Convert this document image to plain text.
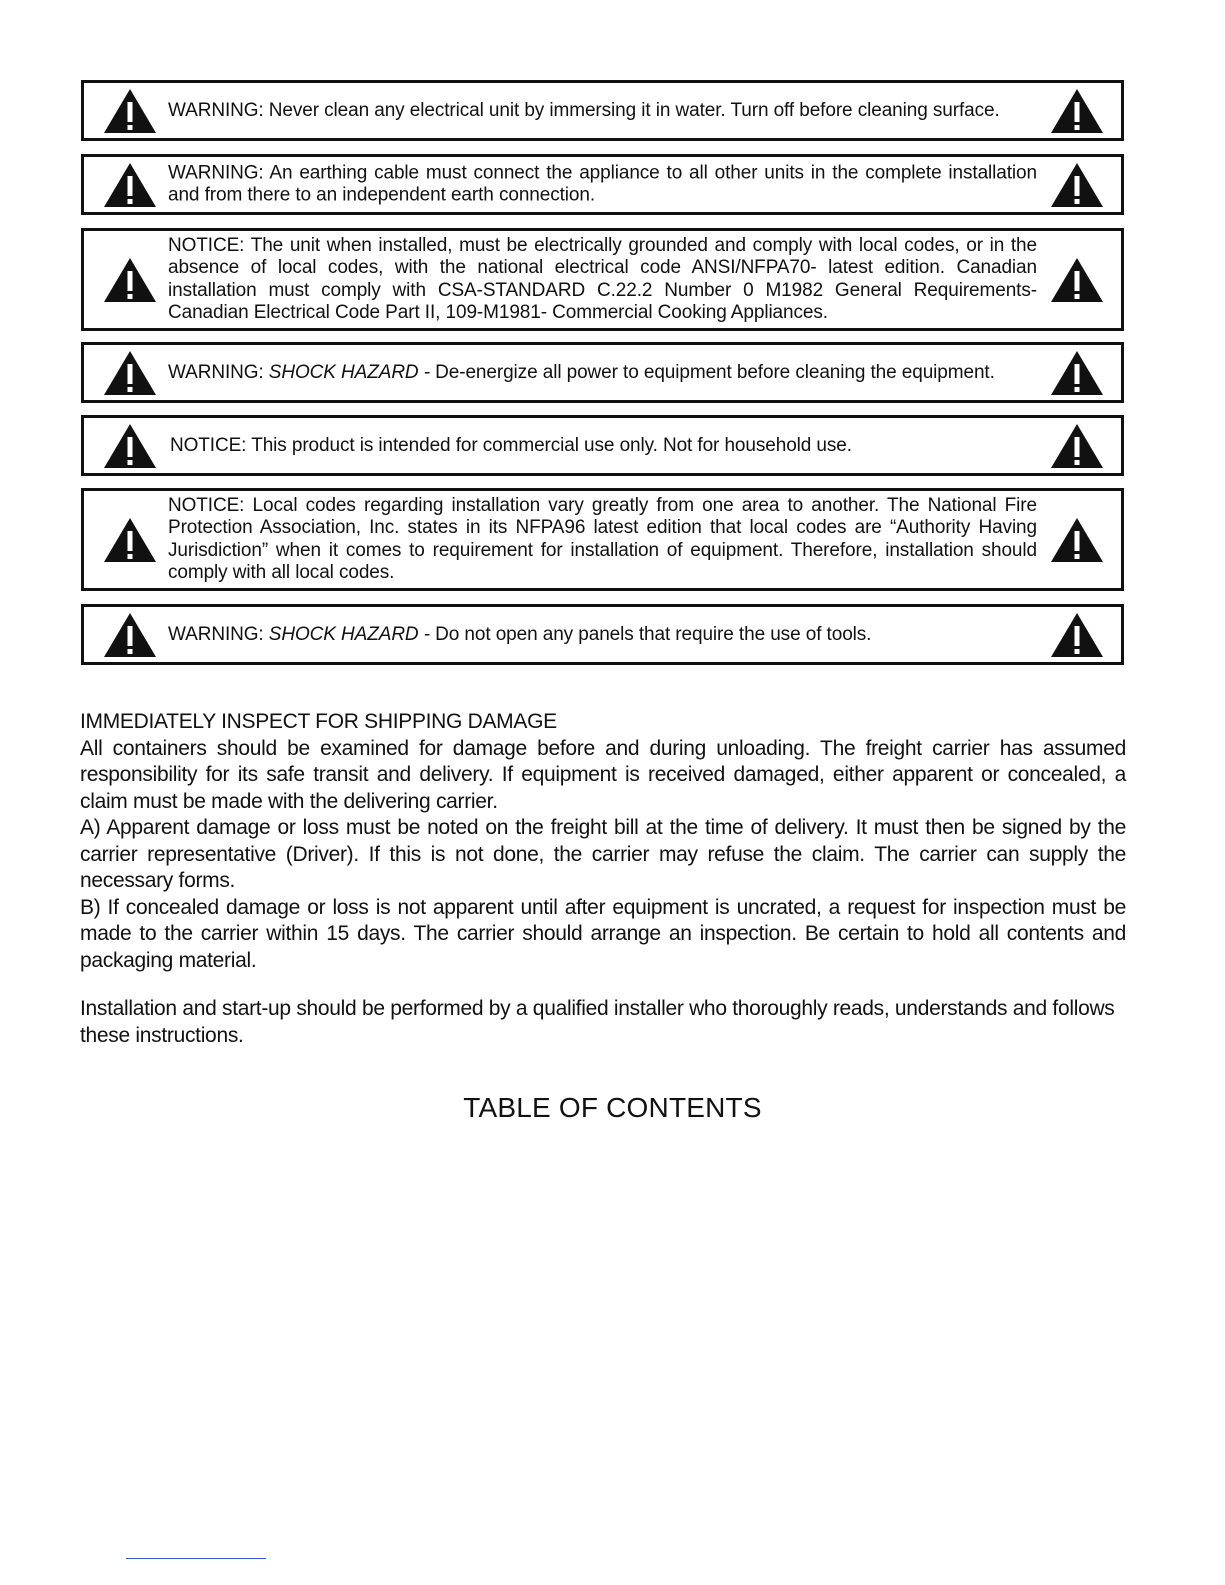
WARNING: Never clean any electrical unit by immersing it in water. Turn off before cleaning surface.
WARNING: An earthing cable must connect the appliance to all other units in the complete installation and from there to an independent earth connection.
NOTICE: The unit when installed, must be electrically grounded and comply with local codes, or in the absence of local codes, with the national electrical code ANSI/NFPA70- latest edition. Canadian installation must comply with CSA-STANDARD C.22.2 Number 0 M1982 General Requirements-Canadian Electrical Code Part II, 109-M1981- Commercial Cooking Appliances.
WARNING: SHOCK HAZARD - De-energize all power to equipment before cleaning the equipment.
NOTICE: This product is intended for commercial use only. Not for household use.
NOTICE: Local codes regarding installation vary greatly from one area to another. The National Fire Protection Association, Inc. states in its NFPA96 latest edition that local codes are “Authority Having Jurisdiction” when it comes to requirement for installation of equipment. Therefore, installation should comply with all local codes.
WARNING: SHOCK HAZARD - Do not open any panels that require the use of tools.

IMMEDIATELY INSPECT FOR SHIPPING DAMAGE

All containers should be examined for damage before and during unloading. The freight carrier has assumed responsibility for its safe transit and delivery. If equipment is received damaged, either apparent or concealed, a claim must be made with the delivering carrier.

A) Apparent damage or loss must be noted on the freight bill at the time of delivery. It must then be signed by the carrier representative (Driver). If this is not done, the carrier may refuse the claim. The carrier can supply the necessary forms.

B) If concealed damage or loss is not apparent until after equipment is uncrated, a request for inspection must be made to the carrier within 15 days. The carrier should arrange an inspection. Be certain to hold all contents and packaging material.

Installation and start-up should be performed by a qualified installer who thoroughly reads, understands and follows these instructions.

TABLE OF CONTENTS
